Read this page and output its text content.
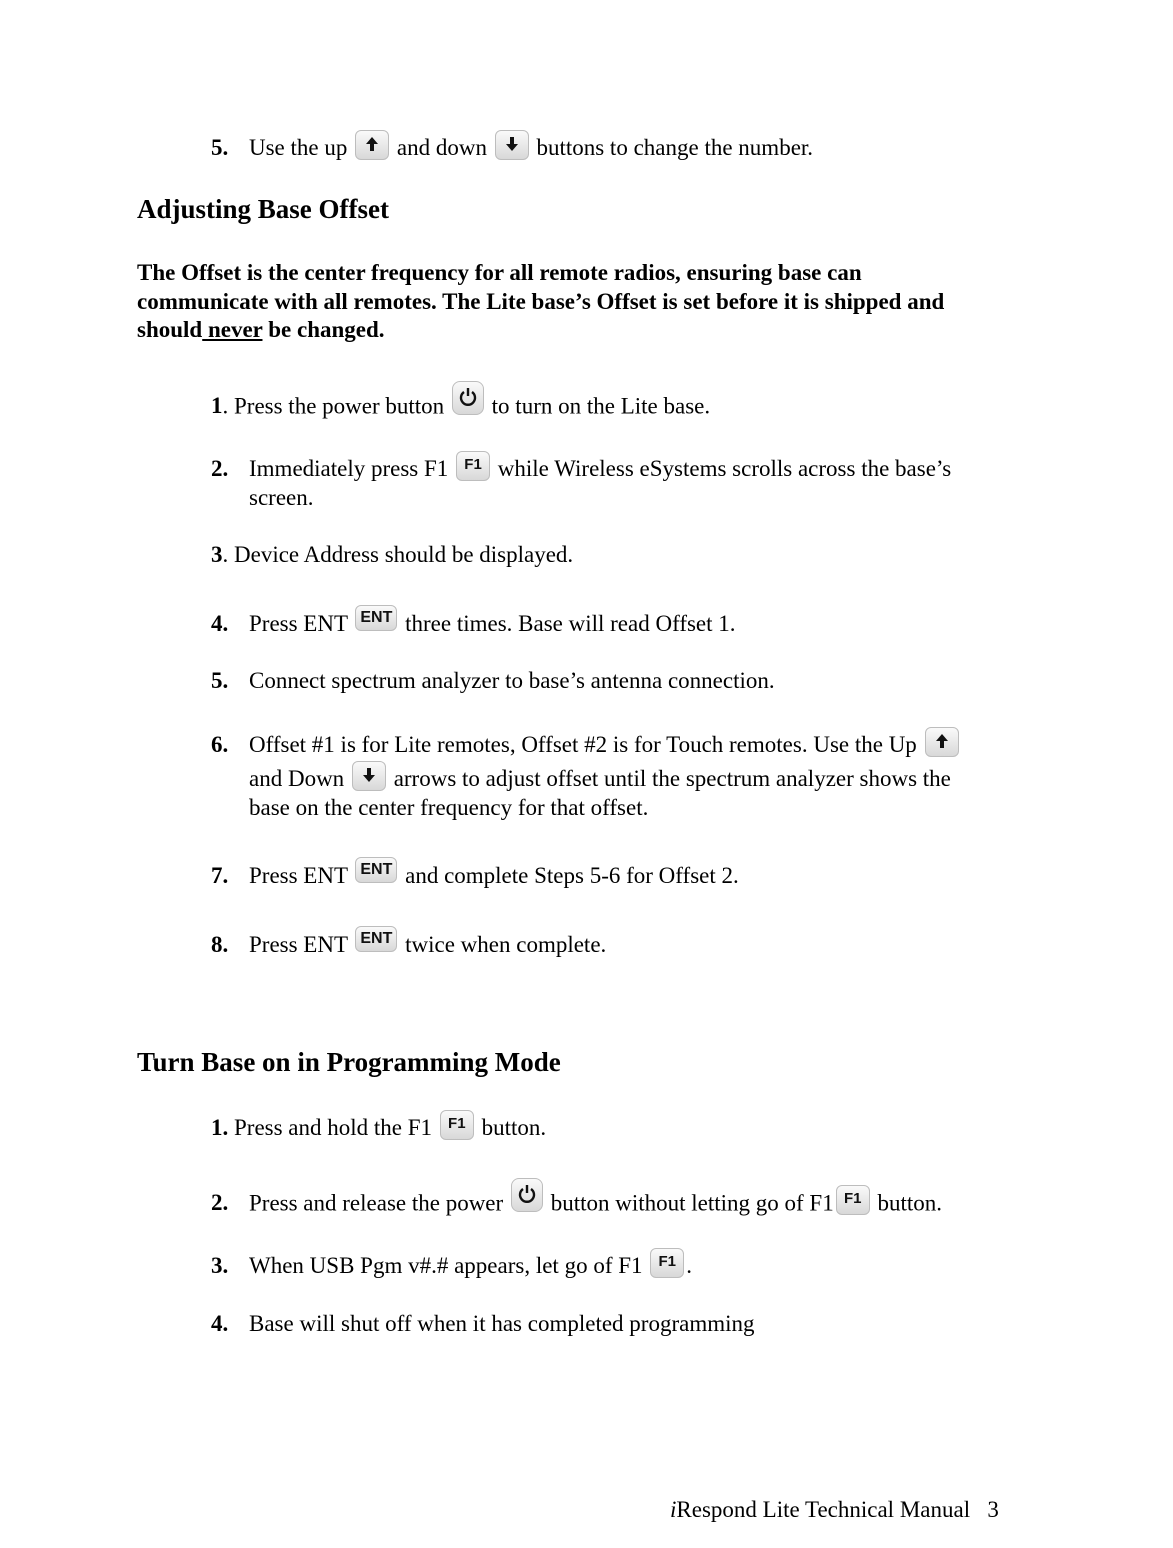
5. Use the up and down buttons to change the number.
Adjusting Base Offset
The Offset is the center frequency for all remote radios, ensuring base can
communicate with all remotes. The Lite base’s Offset is set before it is shipped and
should never be changed.
1. Press the power button to turn on the Lite base.
2. Immediately press F1 F1 while Wireless eSystems scrolls across the base’s
screen.
3. Device Address should be displayed.
4. Press ENT ENT three times. Base will read Offset 1.
5. Connect spectrum analyzer to base’s antenna connection.
6. Offset #1 is for Lite remotes, Offset #2 is for Touch remotes. Use the Up
and Down arrows to adjust offset until the spectrum analyzer shows the
base on the center frequency for that offset.
7. Press ENT ENT and complete Steps 5-6 for Offset 2.
8. Press ENT ENT twice when complete.
Turn Base on in Programming Mode
1. Press and hold the F1 F1 button.
2. Press and release the power button without letting go of F1 F1 button.
3. When USB Pgm v#.# appears, let go of F1 F1 .
4. Base will shut off when it has completed programming
iRespond Lite Technical Manual 3
